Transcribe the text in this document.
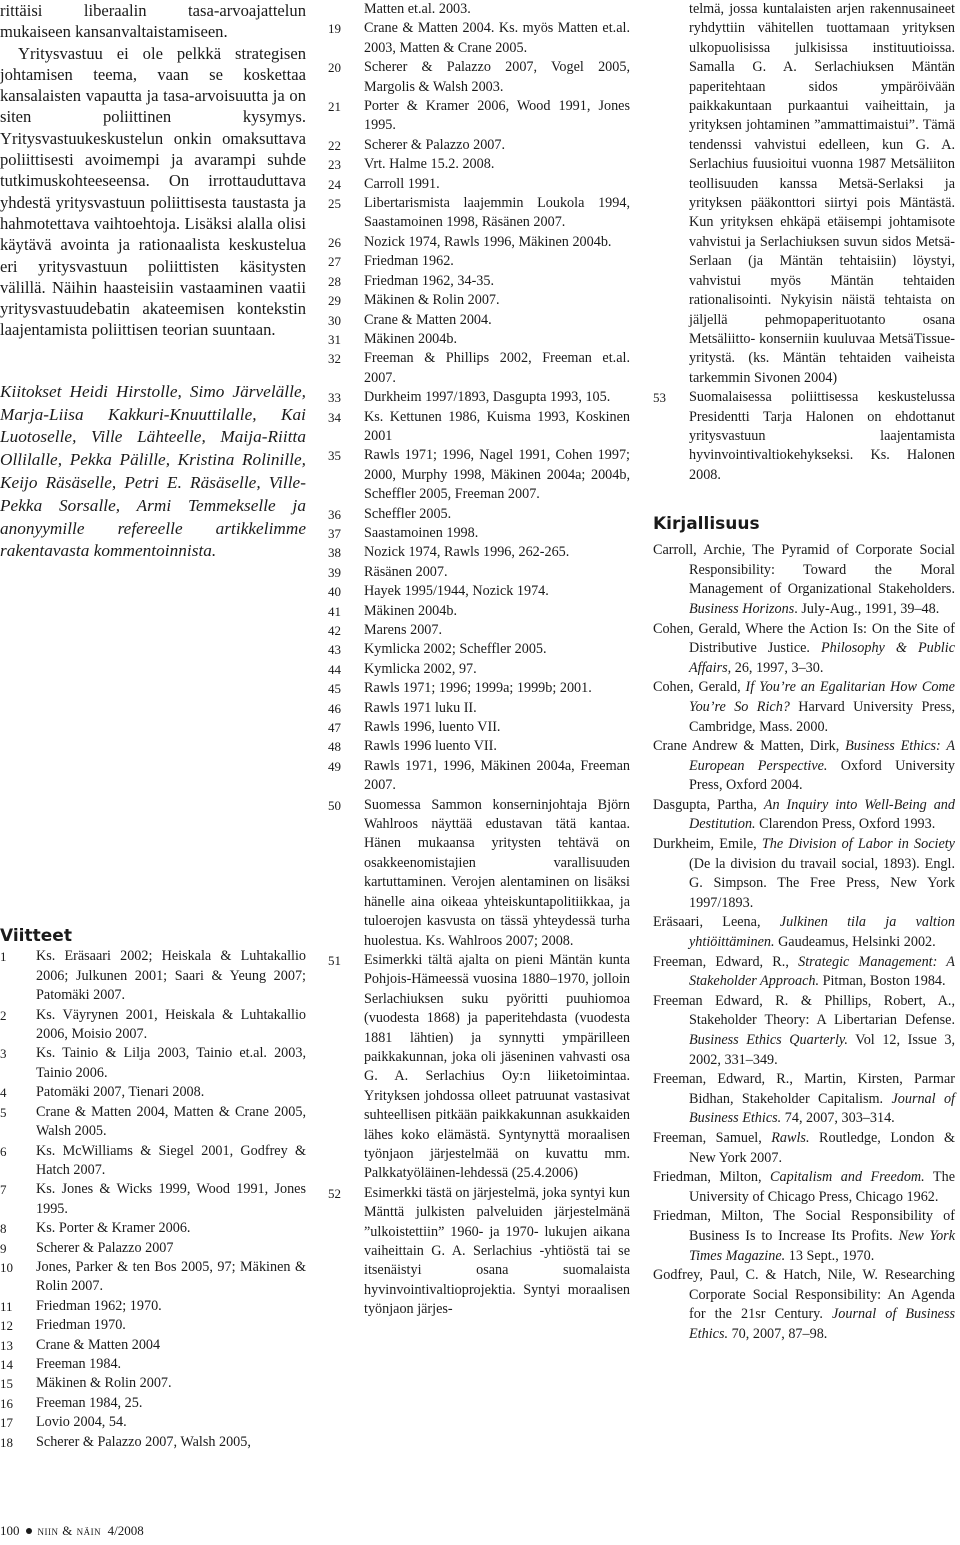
rittäisi liberaalin tasa-arvoajattelun mukaiseen kansanvaltaistamiseen.

Yritysvastuu ei ole pelkkä strategisen johtamisen teema, vaan se koskettaa kansalaisten vapautta ja tasa-arvoisuutta ja on siten poliittinen kysymys. Yritysvastuukeskustelun onkin omaksuttava poliittisesti avoimempi ja avarampi suhde tutkimuskohteeseensa. On irrottauduttava yhdestä yritysvastuun poliittisesta taustasta ja hahmotettava vaihtoehtoja. Lisäksi alalla olisi käytävä avointa ja rationaalista keskustelua eri yritysvastuun poliittisten käsitysten välillä. Näihin haasteisiin vastaaminen vaatii yritysvastuudebatin akateemisen kontekstin laajentamista poliittisen teorian suuntaan.

Kiitokset Heidi Hirstolle, Simo Järvelälle, Marja-Liisa Kakkuri-Knuuttilalle, Kai Luotoselle, Ville Lähteelle, Maija-Riitta Ollilalle, Pekka Pälille, Kristina Rolinille, Keijo Räsäselle, Petri E. Räsäselle, Ville-Pekka Sorsalle, Armi Temmekselle ja anonyymille refereelle artikkelimme rakentavasta kommentoinnista.

Viitteet
1	Ks. Eräsaari 2002; Heiskala & Luhtakallio 2006; Julkunen 2001; Saari & Yeung 2007; Patomäki 2007.
2	Ks. Väyrynen 2001, Heiskala & Luhtakallio 2006, Moisio 2007.
3	Ks. Tainio & Lilja 2003, Tainio et.al. 2003, Tainio 2006.
4	Patomäki 2007, Tienari 2008.
5	Crane & Matten 2004, Matten & Crane 2005, Walsh 2005.
6	Ks. McWilliams & Siegel 2001, Godfrey & Hatch 2007.
7	Ks. Jones & Wicks 1999, Wood 1991, Jones 1995.
8	Ks. Porter & Kramer 2006.
9	Scherer & Palazzo 2007
10	Jones, Parker & ten Bos 2005, 97; Mäkinen & Rolin 2007.
11	Friedman 1962; 1970.
12	Friedman 1970.
13	Crane & Matten 2004
14	Freeman 1984.
15	Mäkinen & Rolin 2007.
16	Freeman 1984, 25.
17	Lovio 2004, 54.
18	Scherer & Palazzo 2007, Walsh 2005,
Matten et.al. 2003.
19	Crane & Matten 2004. Ks. myös Matten et.al. 2003, Matten & Crane 2005.
20	Scherer & Palazzo 2007, Vogel 2005, Margolis & Walsh 2003.
21	Porter & Kramer 2006, Wood 1991, Jones 1995.
22	Scherer & Palazzo 2007.
23	Vrt. Halme 15.2. 2008.
24	Carroll 1991.
25	Libertarismista laajemmin Loukola 1994, Saastamoinen 1998, Räsänen 2007.
26	Nozick 1974, Rawls 1996, Mäkinen 2004b.
27	Friedman 1962.
28	Friedman 1962, 34-35.
29	Mäkinen & Rolin 2007.
30	Crane & Matten 2004.
31	Mäkinen 2004b.
32	Freeman & Phillips 2002, Freeman et.al. 2007.
33	Durkheim 1997/1893, Dasgupta 1993, 105.
34	Ks. Kettunen 1986, Kuisma 1993, Koskinen 2001
35	Rawls 1971; 1996, Nagel 1991, Cohen 1997; 2000, Murphy 1998, Mäkinen 2004a; 2004b, Scheffler 2005, Freeman 2007.
36	Scheffler 2005.
37	Saastamoinen 1998.
38	Nozick 1974, Rawls 1996, 262-265.
39	Räsänen 2007.
40	Hayek 1995/1944, Nozick 1974.
41	Mäkinen 2004b.
42	Marens 2007.
43	Kymlicka 2002; Scheffler 2005.
44	Kymlicka 2002, 97.
45	Rawls 1971; 1996; 1999a; 1999b; 2001.
46	Rawls 1971 luku II.
47	Rawls 1996, luento VII.
48	Rawls 1996 luento VII.
49	Rawls 1971, 1996, Mäkinen 2004a, Freeman 2007.
50	Suomessa Sammon konserninjohtaja Björn Wahlroos näyttää edustavan tätä kantaa. Hänen mukaansa yritysten tehtävä on osakkeenomistajien varallisuuden kartuttaminen. Verojen alentaminen on lisäksi hänelle aina oikeaa yhteiskuntapolitiikkaa, ja tuloerojen kasvusta on tässä yhteydessä turha huolestua. Ks. Wahlroos 2007; 2008.
51	Esimerkki tältä ajalta on pieni Mäntän kunta Pohjois-Hämeessä vuosina 1880–1970, jolloin Serlachiuksen suku pyöritti puuhiomoa (vuodesta 1868) ja paperitehdasta (vuodesta 1881 lähtien) ja synnytti ympärilleen paikkakunnan, joka oli jäseninen vahvasti osa G. A. Serlachius Oy:n liiketoimintaa. Yrityksen johdossa olleet patruunat vastasivat suhteellisen pitkään paikkakunnan asukkaiden lähes koko elämästä. Syntynyttä moraalisen työnjaon järjestelmää on kuvattu mm. Palkkatyöläinen-lehdessä (25.4.2006)
52	Esimerkki tästä on järjestelmä, joka syntyi kun Mänttä julkisten palveluiden järjestelmänä ”ulkoistettiin” 1960- ja 1970- lukujen aikana vaiheittain G. A. Serlachius -yhtiöstä tai se itsenäistyi osana suomalaista hyvinvointivaltioprojektia. Syntyi moraalisen työnjaon järjes-
telmä, jossa kuntalaisten arjen rakennusaineet ryhdyttiin vähitellen tuottamaan yrityksen ulkopuolisissa julkisissa instituutioissa. Samalla G. A. Serlachiuksen Mäntän paperitehtaan sidos ympäröivään paikkakuntaan purkaantui vaiheittain, ja yrityksen johtaminen ”ammattimaistui”. Tämä tendenssi vahvistui edelleen, kun G. A. Serlachius fuusioitui vuonna 1987 Metsäliiton teollisuuden kanssa Metsä-Serlaksi ja yrityksen pääkonttori siirtyi pois Mäntästä. Kun yrityksen ehkäpä etäisempi johtamisote vahvistui ja Serlachiuksen suvun sidos Metsä-Serlaan (ja Mäntän tehtaisiin) löystyi, vahvistui myös Mäntän tehtaiden rationalisointi. Nykyisin näistä tehtaista on jäljellä pehmopaperituotanto osana Metsäliitto- konserniin kuuluvaa MetsäTissue-yritystä. (ks. Mäntän tehtaiden vaiheista tarkemmin Sivonen 2004)
53	Suomalaisessa poliittisessa keskustelussa Presidentti Tarja Halonen on ehdottanut yritysvastuun laajentamista hyvinvointivaltiokehykseksi. Ks. Halonen 2008.
Kirjallisuus

Carroll, Archie, The Pyramid of Corporate Social Responsibility: Toward the Moral Management of Organizational Stakeholders. Business Horizons. July-Aug., 1991, 39–48.

Cohen, Gerald, Where the Action Is: On the Site of Distributive Justice. Philosophy & Public Affairs, 26, 1997, 3–30.

Cohen, Gerald, If You’re an Egalitarian How Come You’re So Rich? Harvard University Press, Cambridge, Mass. 2000.

Crane Andrew & Matten, Dirk, Business Ethics: A European Perspective. Oxford University Press, Oxford 2004.

Dasgupta, Partha, An Inquiry into Well-Being and Destitution. Clarendon Press, Oxford 1993.

Durkheim, Emile, The Division of Labor in Society (De la division du travail social, 1893). Engl. G. Simpson. The Free Press, New York 1997/1893.

Eräsaari, Leena, Julkinen tila ja valtion yhtiöittäminen. Gaudeamus, Helsinki 2002.

Freeman, Edward, R., Strategic Management: A Stakeholder Approach. Pitman, Boston 1984.

Freeman Edward, R. & Phillips, Robert, A., Stakeholder Theory: A Libertarian Defense. Business Ethics Quarterly. Vol 12, Issue 3, 2002, 331–349.

Freeman, Edward, R., Martin, Kirsten, Parmar Bidhan, Stakeholder Capitalism. Journal of Business Ethics. 74, 2007, 303–314.

Freeman, Samuel, Rawls. Routledge, London & New York 2007.

Friedman, Milton, Capitalism and Freedom. The University of Chicago Press, Chicago 1962.

Friedman, Milton, The Social Responsibility of Business Is to Increase Its Profits. New York Times Magazine. 13 Sept., 1970.

Godfrey, Paul, C. & Hatch, Nile, W. Researching Corporate Social Responsibility: An Agenda for the 21sr Century. Journal of Business Ethics. 70, 2007, 87–98.

100 niin & näin 4/2008
